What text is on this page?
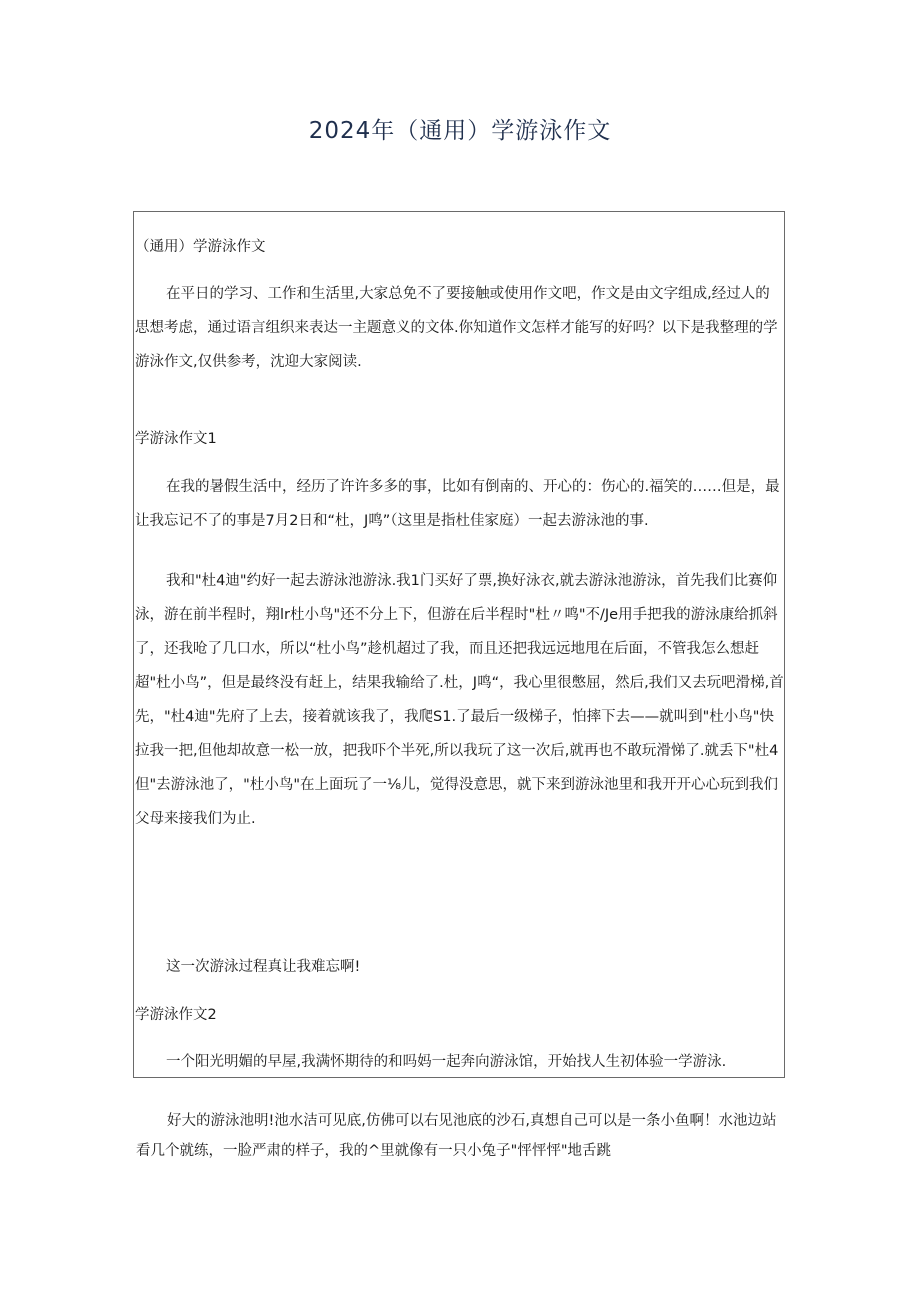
2024年（通用）学游泳作文

（通用）学游泳作文

在平日的学习、工作和生活里,大家总免不了要接触或使用作文吧，作文是由文字组成,经过人的思想考虑，通过语言组织来表达一主题意义的文体.你知道作文怎样才能写的好吗？以下是我整理的学游泳作文,仅供参考，沈迎大家阅读.

学游泳作文1

在我的暑假生活中，经历了许许多多的事，比如有倒南的、开心的：伤心的.福笑的……但是，最让我忘记不了的事是7月2日和“杜，J鸣”（这里是指杜佳家庭）一起去游泳池的事.

我和"杜4迪"约好一起去游泳池游泳.我1门买好了票,换好泳衣,就去游泳池游泳，首先我们比赛仰泳，游在前半程时，翔lr杜小鸟"还不分上下，但游在后半程时"杜〃鸣"不/Je用手把我的游泳康给抓斜了，还我呛了几口水，所以“杜小鸟”趁机超过了我，而且还把我远远地甩在后面，不管我怎么想赶超"杜小鸟”，但是最终没有赶上，结果我输给了.杜，J鸣“，我心里很憋屈，然后,我们又去玩吧滑梯,首先，"杜4迪"先府了上去，接着就该我了，我爬S1.了最后一级梯子，怕摔下去——就叫到"杜小鸟"快拉我一把,但他却故意一松一放，把我吓个半死,所以我玩了这一次后,就再也不敢玩滑悌了.就丢下"杜4但"去游泳池了，"杜小鸟"在上面玩了一⅛儿，觉得没意思，就下来到游泳池里和我开开心心玩到我们父母来接我们为止.

这一次游泳过程真让我难忘啊!

学游泳作文2

一个阳光明媚的早屋,我满怀期待的和吗妈一起奔向游泳馆，开始找人生初体验一学游泳.

好大的游泳池明!池水洁可见底,仿佛可以右见池底的沙石,真想自己可以是一条小鱼啊！水池边站看几个就练，一脸严肃的样子，我的^里就像有一只小兔子"怦怦怦"地舌跳
